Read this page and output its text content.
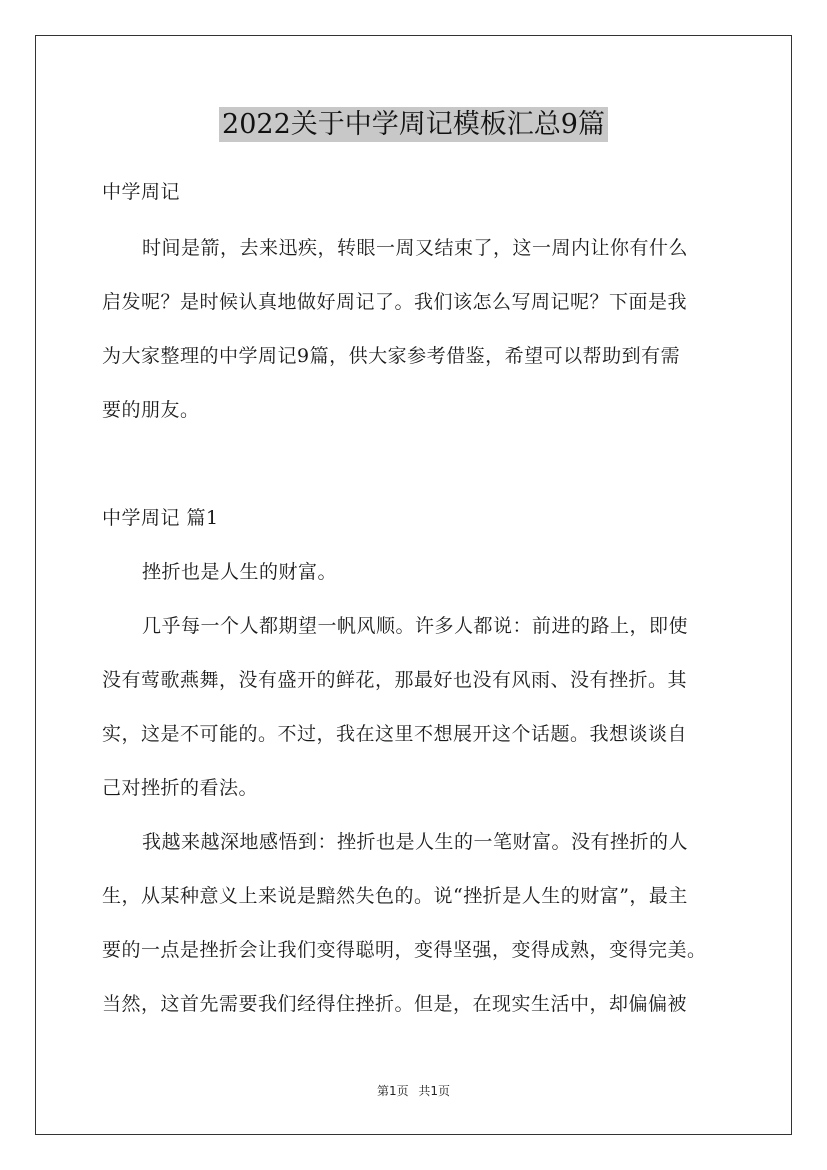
2022关于中学周记模板汇总9篇

中学周记

时间是箭，去来迅疾，转眼一周又结束了，这一周内让你有什么

启发呢？是时候认真地做好周记了。我们该怎么写周记呢？下面是我

为大家整理的中学周记9篇，供大家参考借鉴，希望可以帮助到有需

要的朋友。

中学周记 篇1

挫折也是人生的财富。

几乎每一个人都期望一帆风顺。许多人都说：前进的路上，即使

没有莺歌燕舞，没有盛开的鲜花，那最好也没有风雨、没有挫折。其

实，这是不可能的。不过，我在这里不想展开这个话题。我想谈谈自

己对挫折的看法。

我越来越深地感悟到：挫折也是人生的一笔财富。没有挫折的人

生，从某种意义上来说是黯然失色的。说“挫折是人生的财富”，最主

要的一点是挫折会让我们变得聪明，变得坚强，变得成熟，变得完美。

当然，这首先需要我们经得住挫折。但是，在现实生活中，却偏偏被

第1页 共1页
